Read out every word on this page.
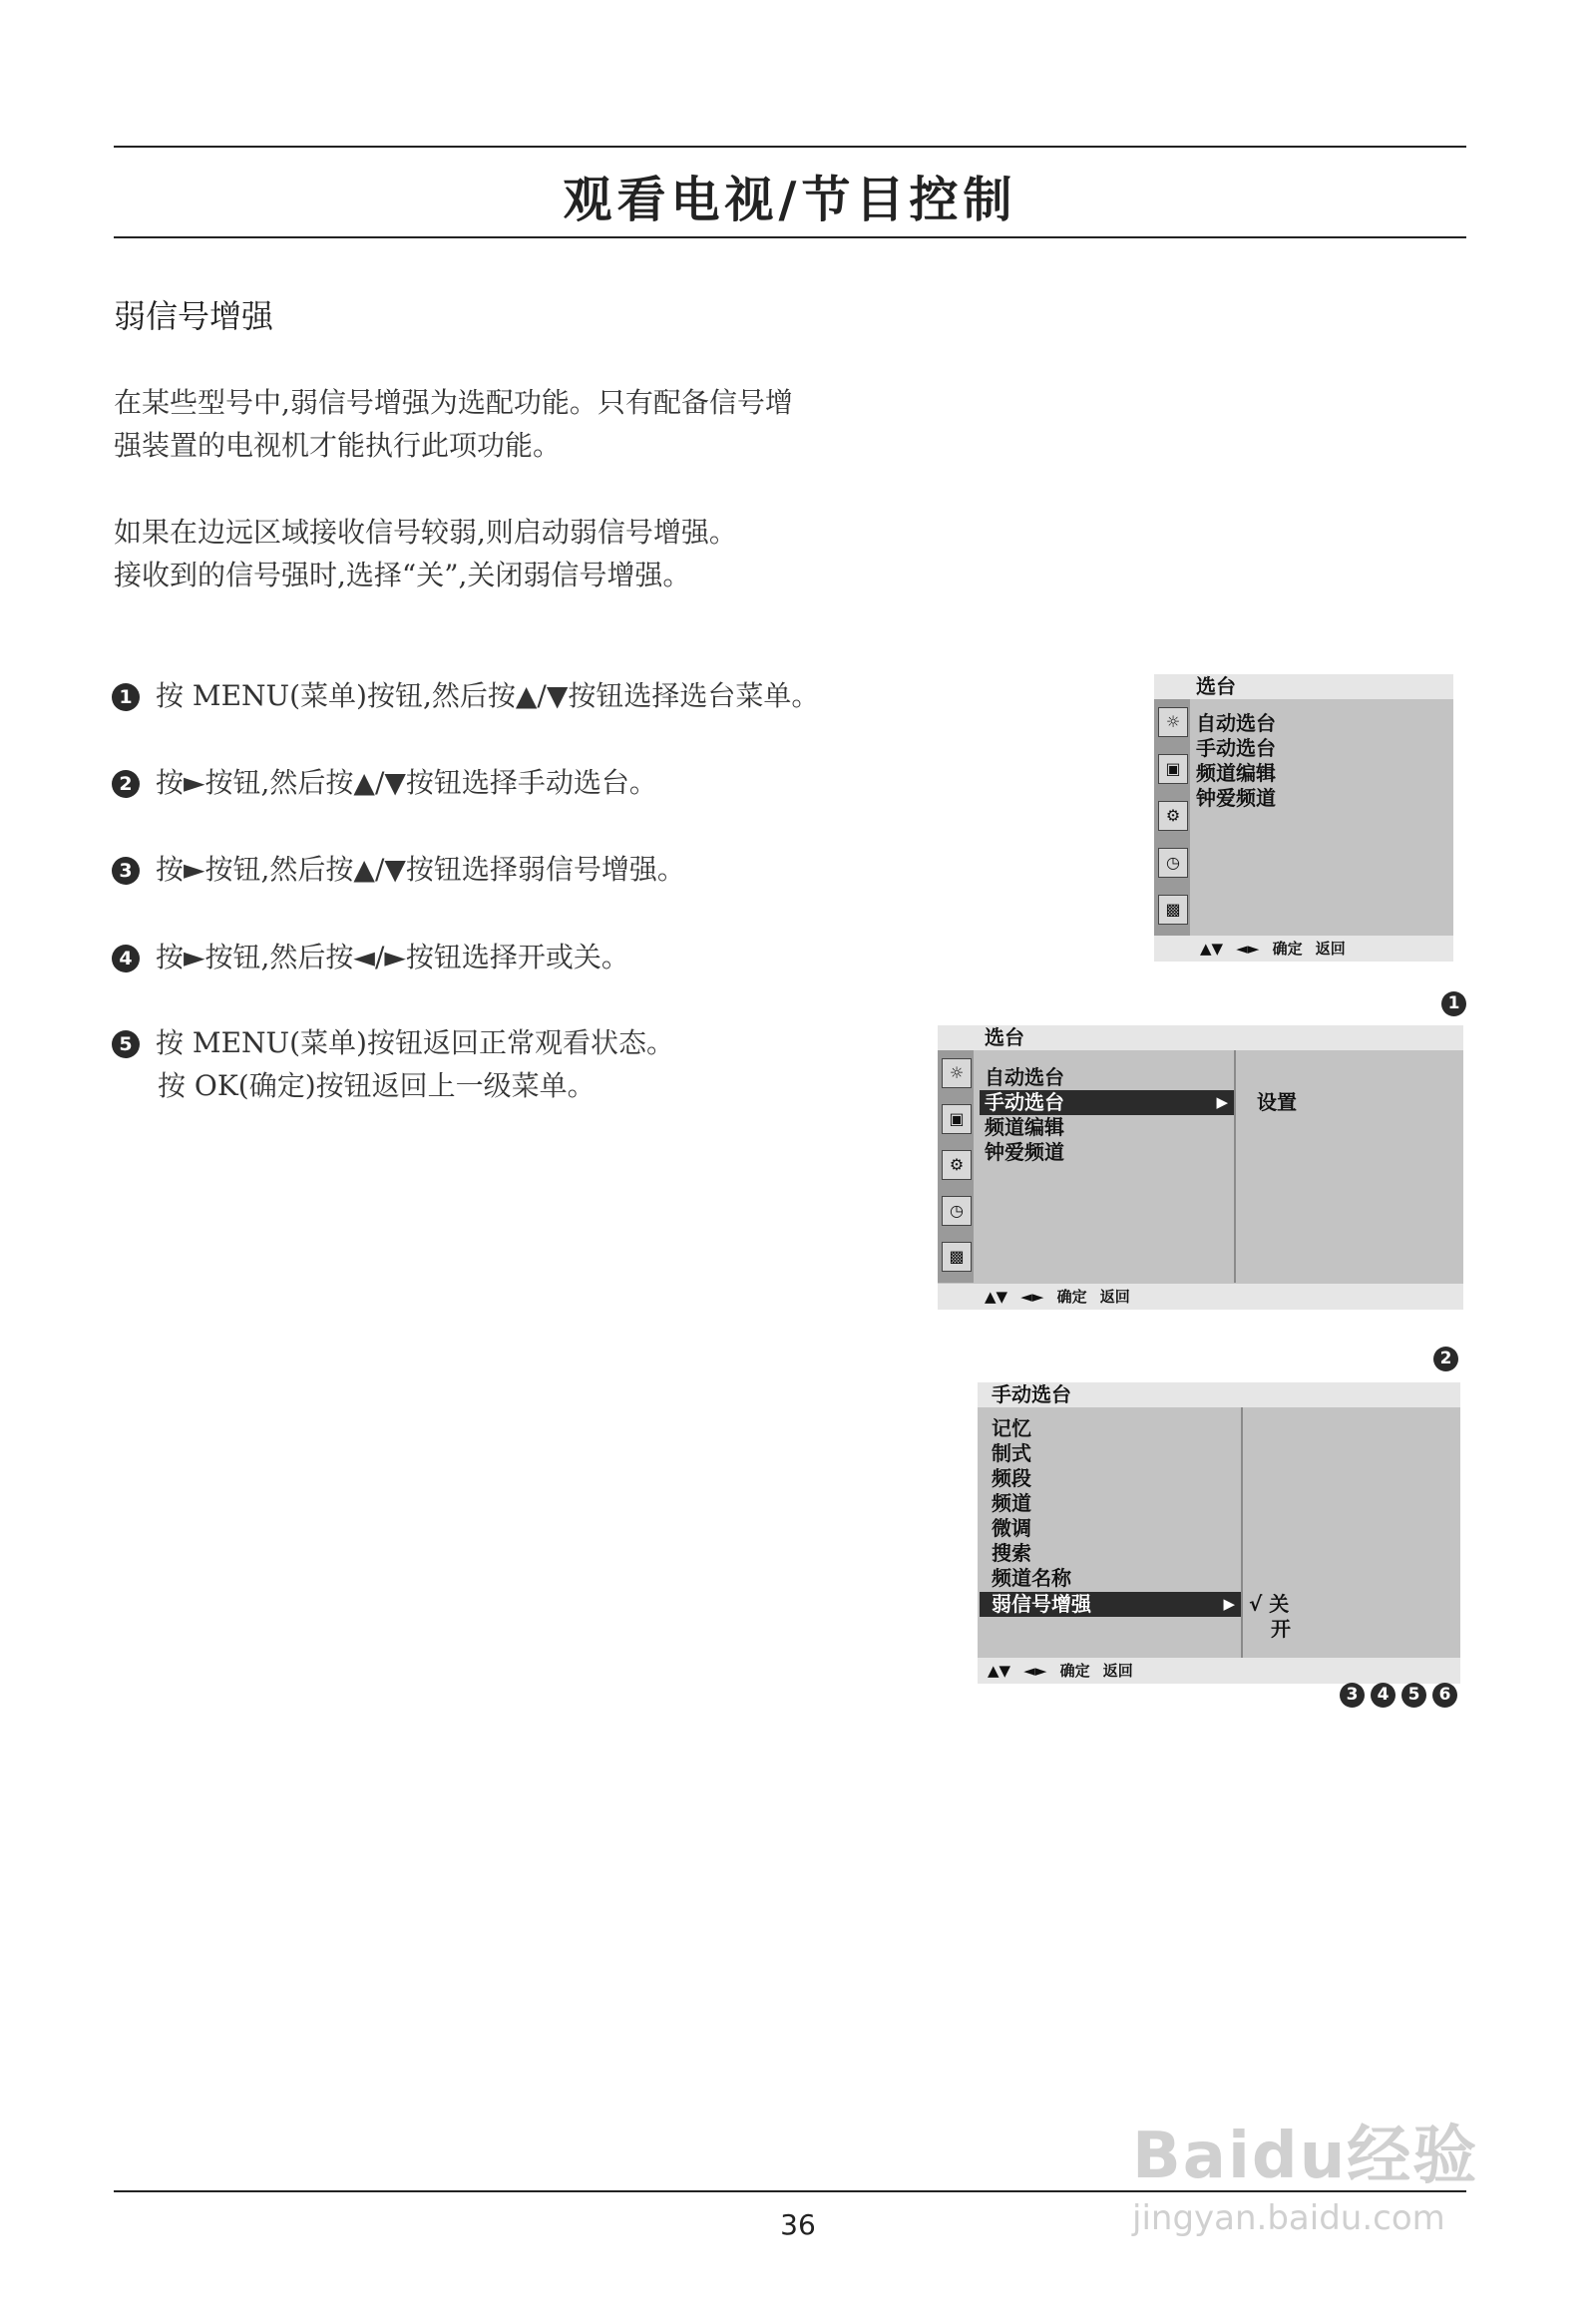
观看电视/节目控制
弱信号增强

在某些型号中,弱信号增强为选配功能。只有配备信号增
强装置的电视机才能执行此项功能。

如果在边远区域接收信号较弱,则启动弱信号增强。
接收到的信号强时,选择“关”,关闭弱信号增强。

1 按 MENU(菜单)按钮,然后按▲/▼按钮选择选台菜单。
2 按►按钮,然后按▲/▼按钮选择手动选台。
3 按►按钮,然后按▲/▼按钮选择弱信号增强。
4 按►按钮,然后按◄/►按钮选择开或关。
5 按 MENU(菜单)按钮返回正常观看状态。
按 OK(确定)按钮返回上一级菜单。
选台
☼
▣
⚙
◷
▩
自动选台
手动选台
频道编辑
钟爱频道
▲▼ ◄► 确定 返回
1
选台
☼
▣
⚙
◷
▩
自动选台
手动选台	▶
频道编辑
钟爱频道
设置
▲▼ ◄► 确定 返回
2
手动选台
记忆
制式
频段
频道
微调
搜索
频道名称
弱信号增强	▶ √ 关
开
▲▼ ◄► 确定 返回
3	4	5	6
36
Baidu经验
jingyan.baidu.com
